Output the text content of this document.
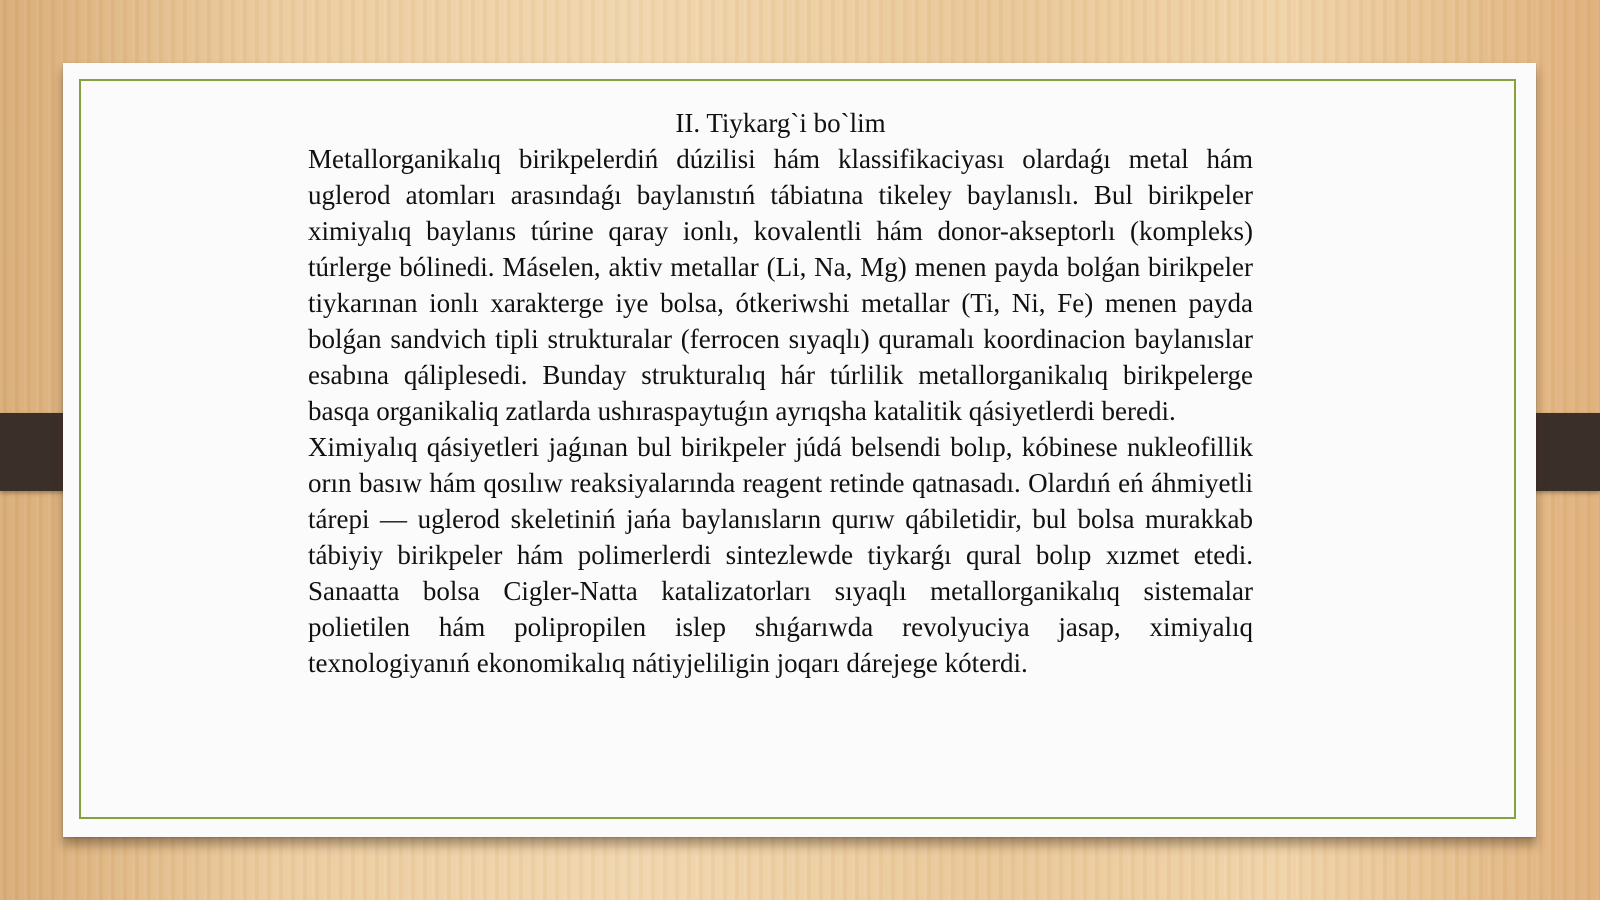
II. Tiykarg`i bo`lim

Metallorganikalıq birikpelerdiń dúzilisi hám klassifikaciyası olardaǵı metal hám uglerod atomları arasındaǵı baylanıstıń tábiatına tikeley baylanıslı. Bul birikpeler ximiyalıq baylanıs túrine qaray ionlı, kovalentli hám donor-akseptorlı (kompleks) túrlerge bólinedi. Máselen, aktiv metallar (Li, Na, Mg) menen payda bolǵan birikpeler tiykarınan ionlı xarakterge iye bolsa, ótkeriwshi metallar (Ti, Ni, Fe) menen payda bolǵan sandvich tipli strukturalar (ferrocen sıyaqlı) quramalı koordinacion baylanıslar esabına qáliplesedi. Bunday strukturalıq hár túrlilik metallorganikalıq birikpelerge basqa organikaliq zatlarda ushıraspaytuǵın ayrıqsha katalitik qásiyetlerdi beredi.

Ximiyalıq qásiyetleri jaǵınan bul birikpeler júdá belsendi bolıp, kóbinese nukleofillik orın basıw hám qosılıw reaksiyalarında reagent retinde qatnasadı. Olardıń eń áhmiyetli tárepi — uglerod skeletiniń jańa baylanısların qurıw qábiletidir, bul bolsa murakkab tábiyiy birikpeler hám polimerlerdi sintezlewde tiykarǵı qural bolıp xızmet etedi. Sanaatta bolsa Cigler-Natta katalizatorları sıyaqlı metallorganikalıq sistemalar polietilen hám polipropilen islep shıǵarıwda revolyuciya jasap, ximiyalıq texnologiyanıń ekonomikalıq nátiyjeliligin joqarı dárejege kóterdi.
